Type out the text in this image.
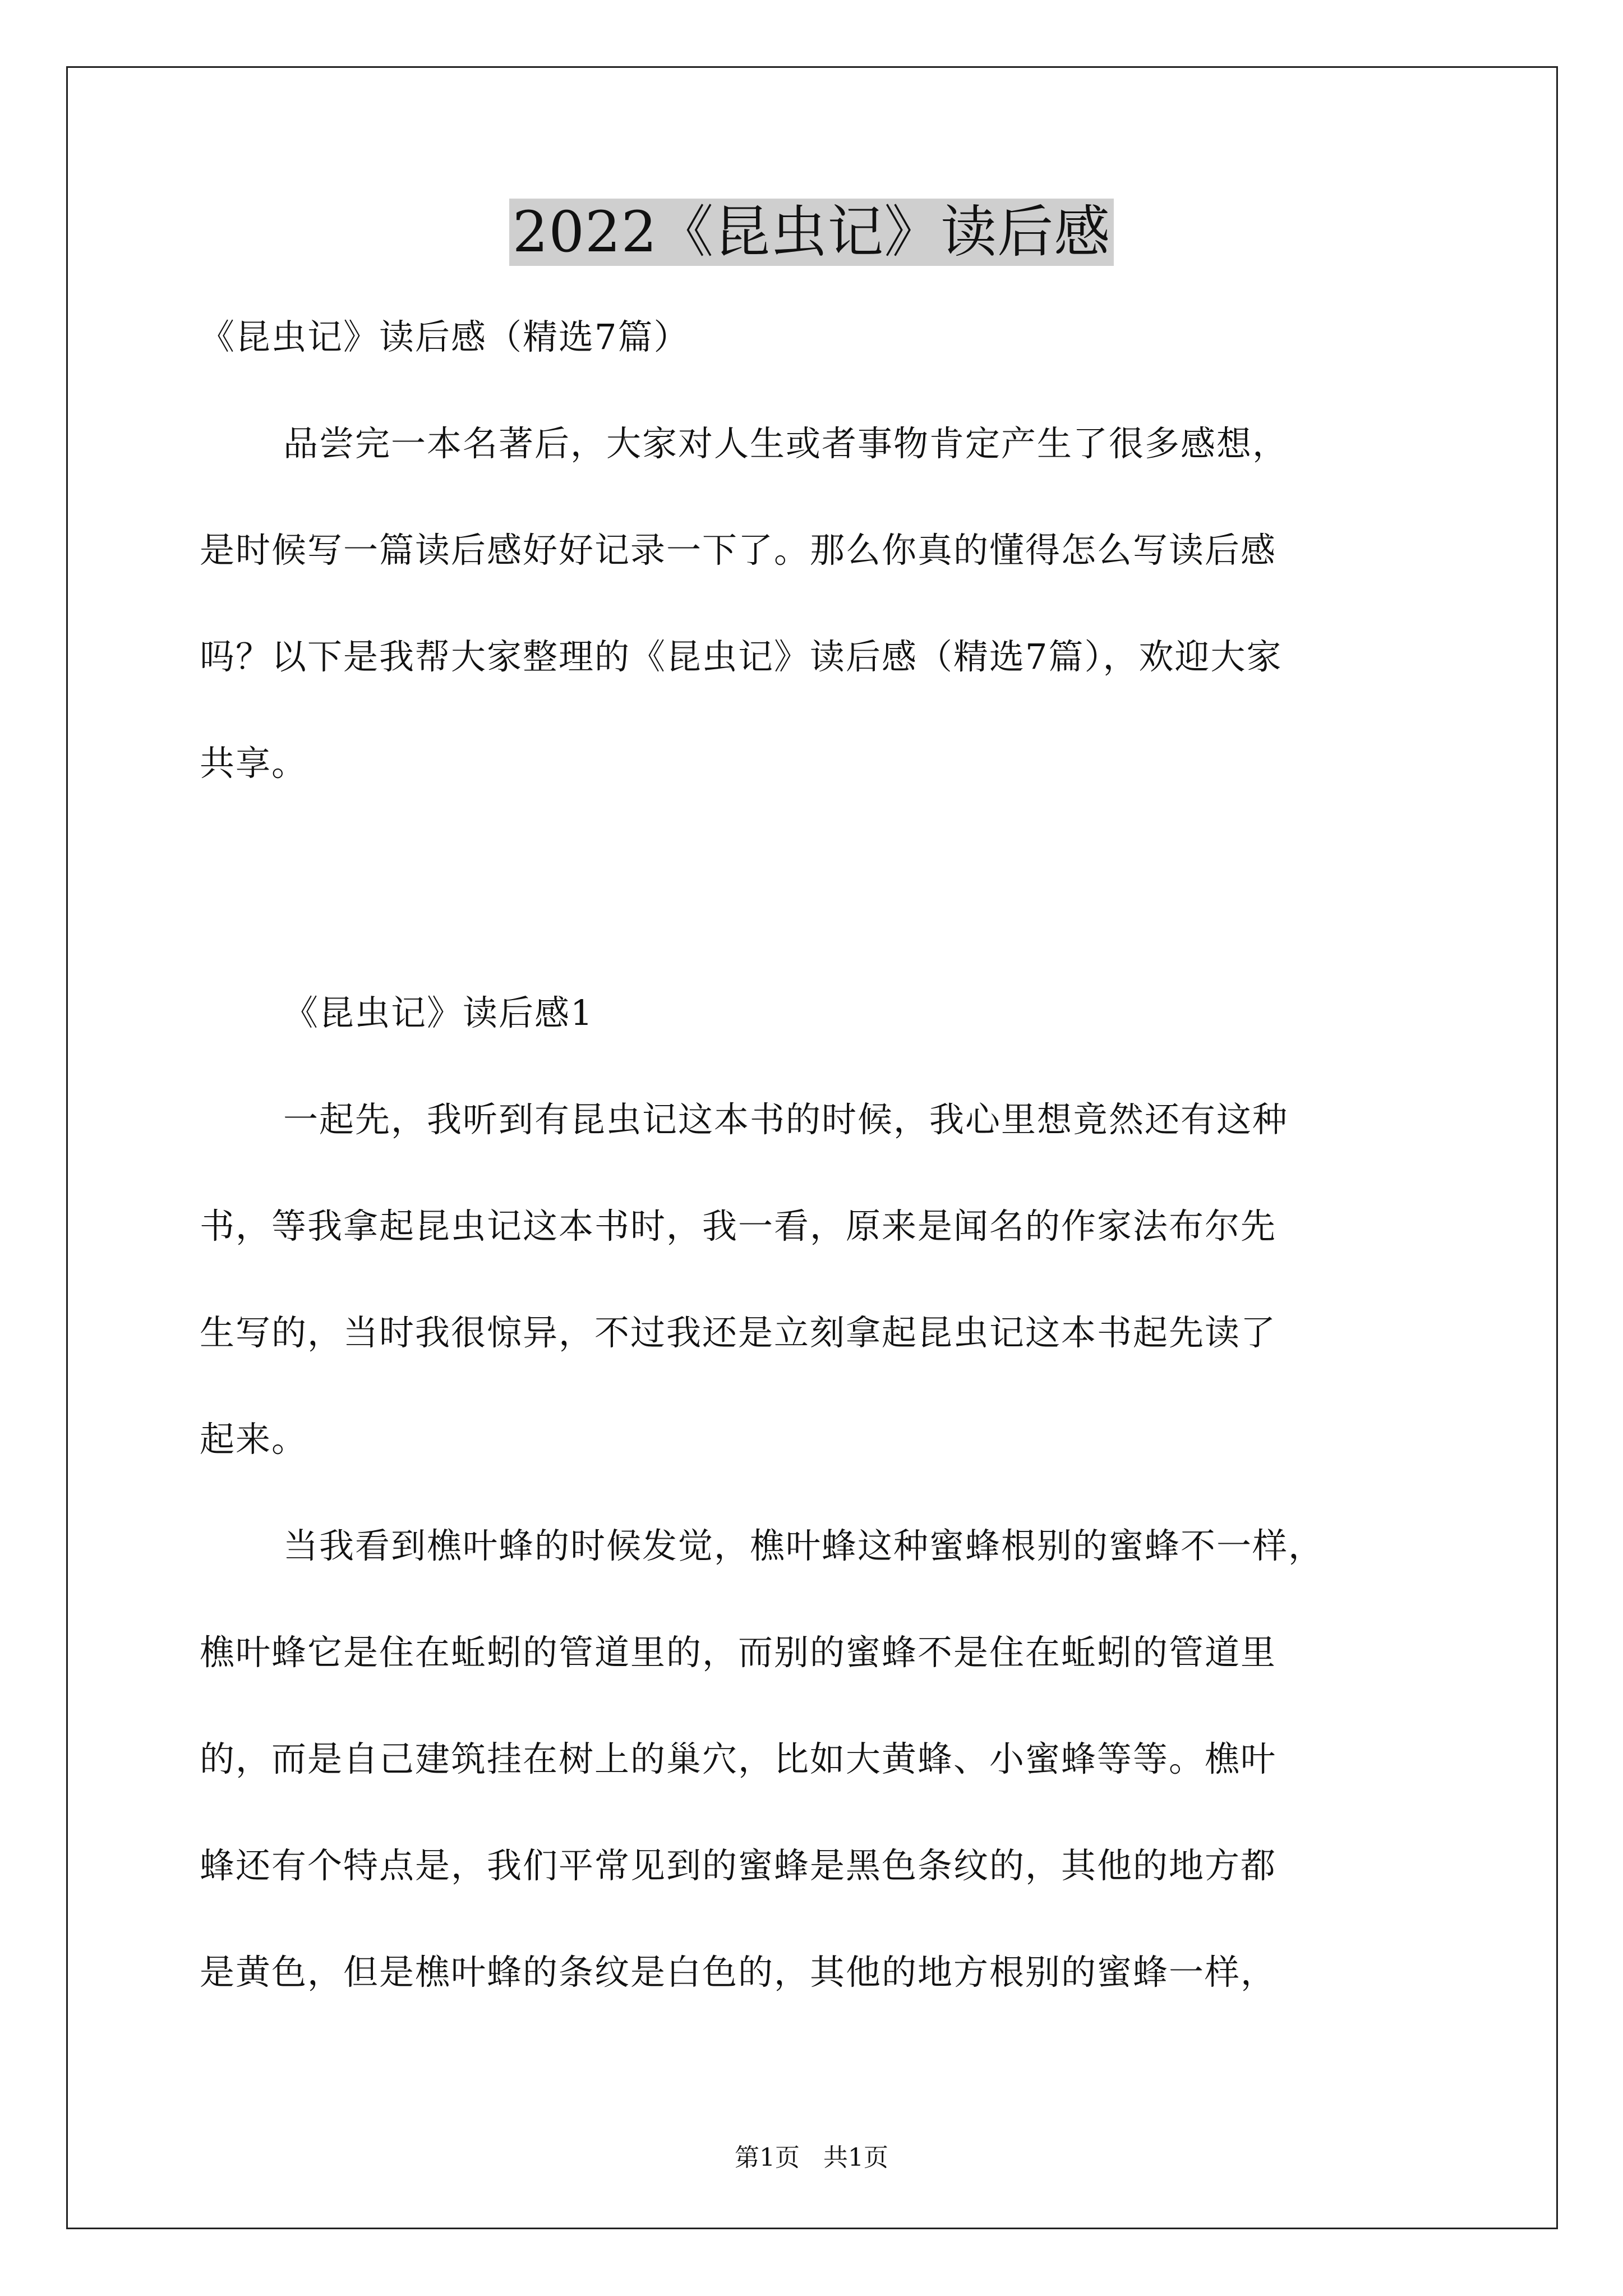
2022《昆虫记》读后感
《昆虫记》读后感（精选7篇）
品尝完一本名著后，大家对人生或者事物肯定产生了很多感想，
是时候写一篇读后感好好记录一下了。那么你真的懂得怎么写读后感
吗？以下是我帮大家整理的《昆虫记》读后感（精选7篇），欢迎大家
共享。
《昆虫记》读后感1
一起先，我听到有昆虫记这本书的时候，我心里想竟然还有这种
书，等我拿起昆虫记这本书时，我一看，原来是闻名的作家法布尔先
生写的，当时我很惊异，不过我还是立刻拿起昆虫记这本书起先读了
起来。
当我看到樵叶蜂的时候发觉，樵叶蜂这种蜜蜂根别的蜜蜂不一样，
樵叶蜂它是住在蚯蚓的管道里的，而别的蜜蜂不是住在蚯蚓的管道里
的，而是自己建筑挂在树上的巢穴，比如大黄蜂、小蜜蜂等等。樵叶
蜂还有个特点是，我们平常见到的蜜蜂是黑色条纹的，其他的地方都
是黄色，但是樵叶蜂的条纹是白色的，其他的地方根别的蜜蜂一样，
第1页   共1页
